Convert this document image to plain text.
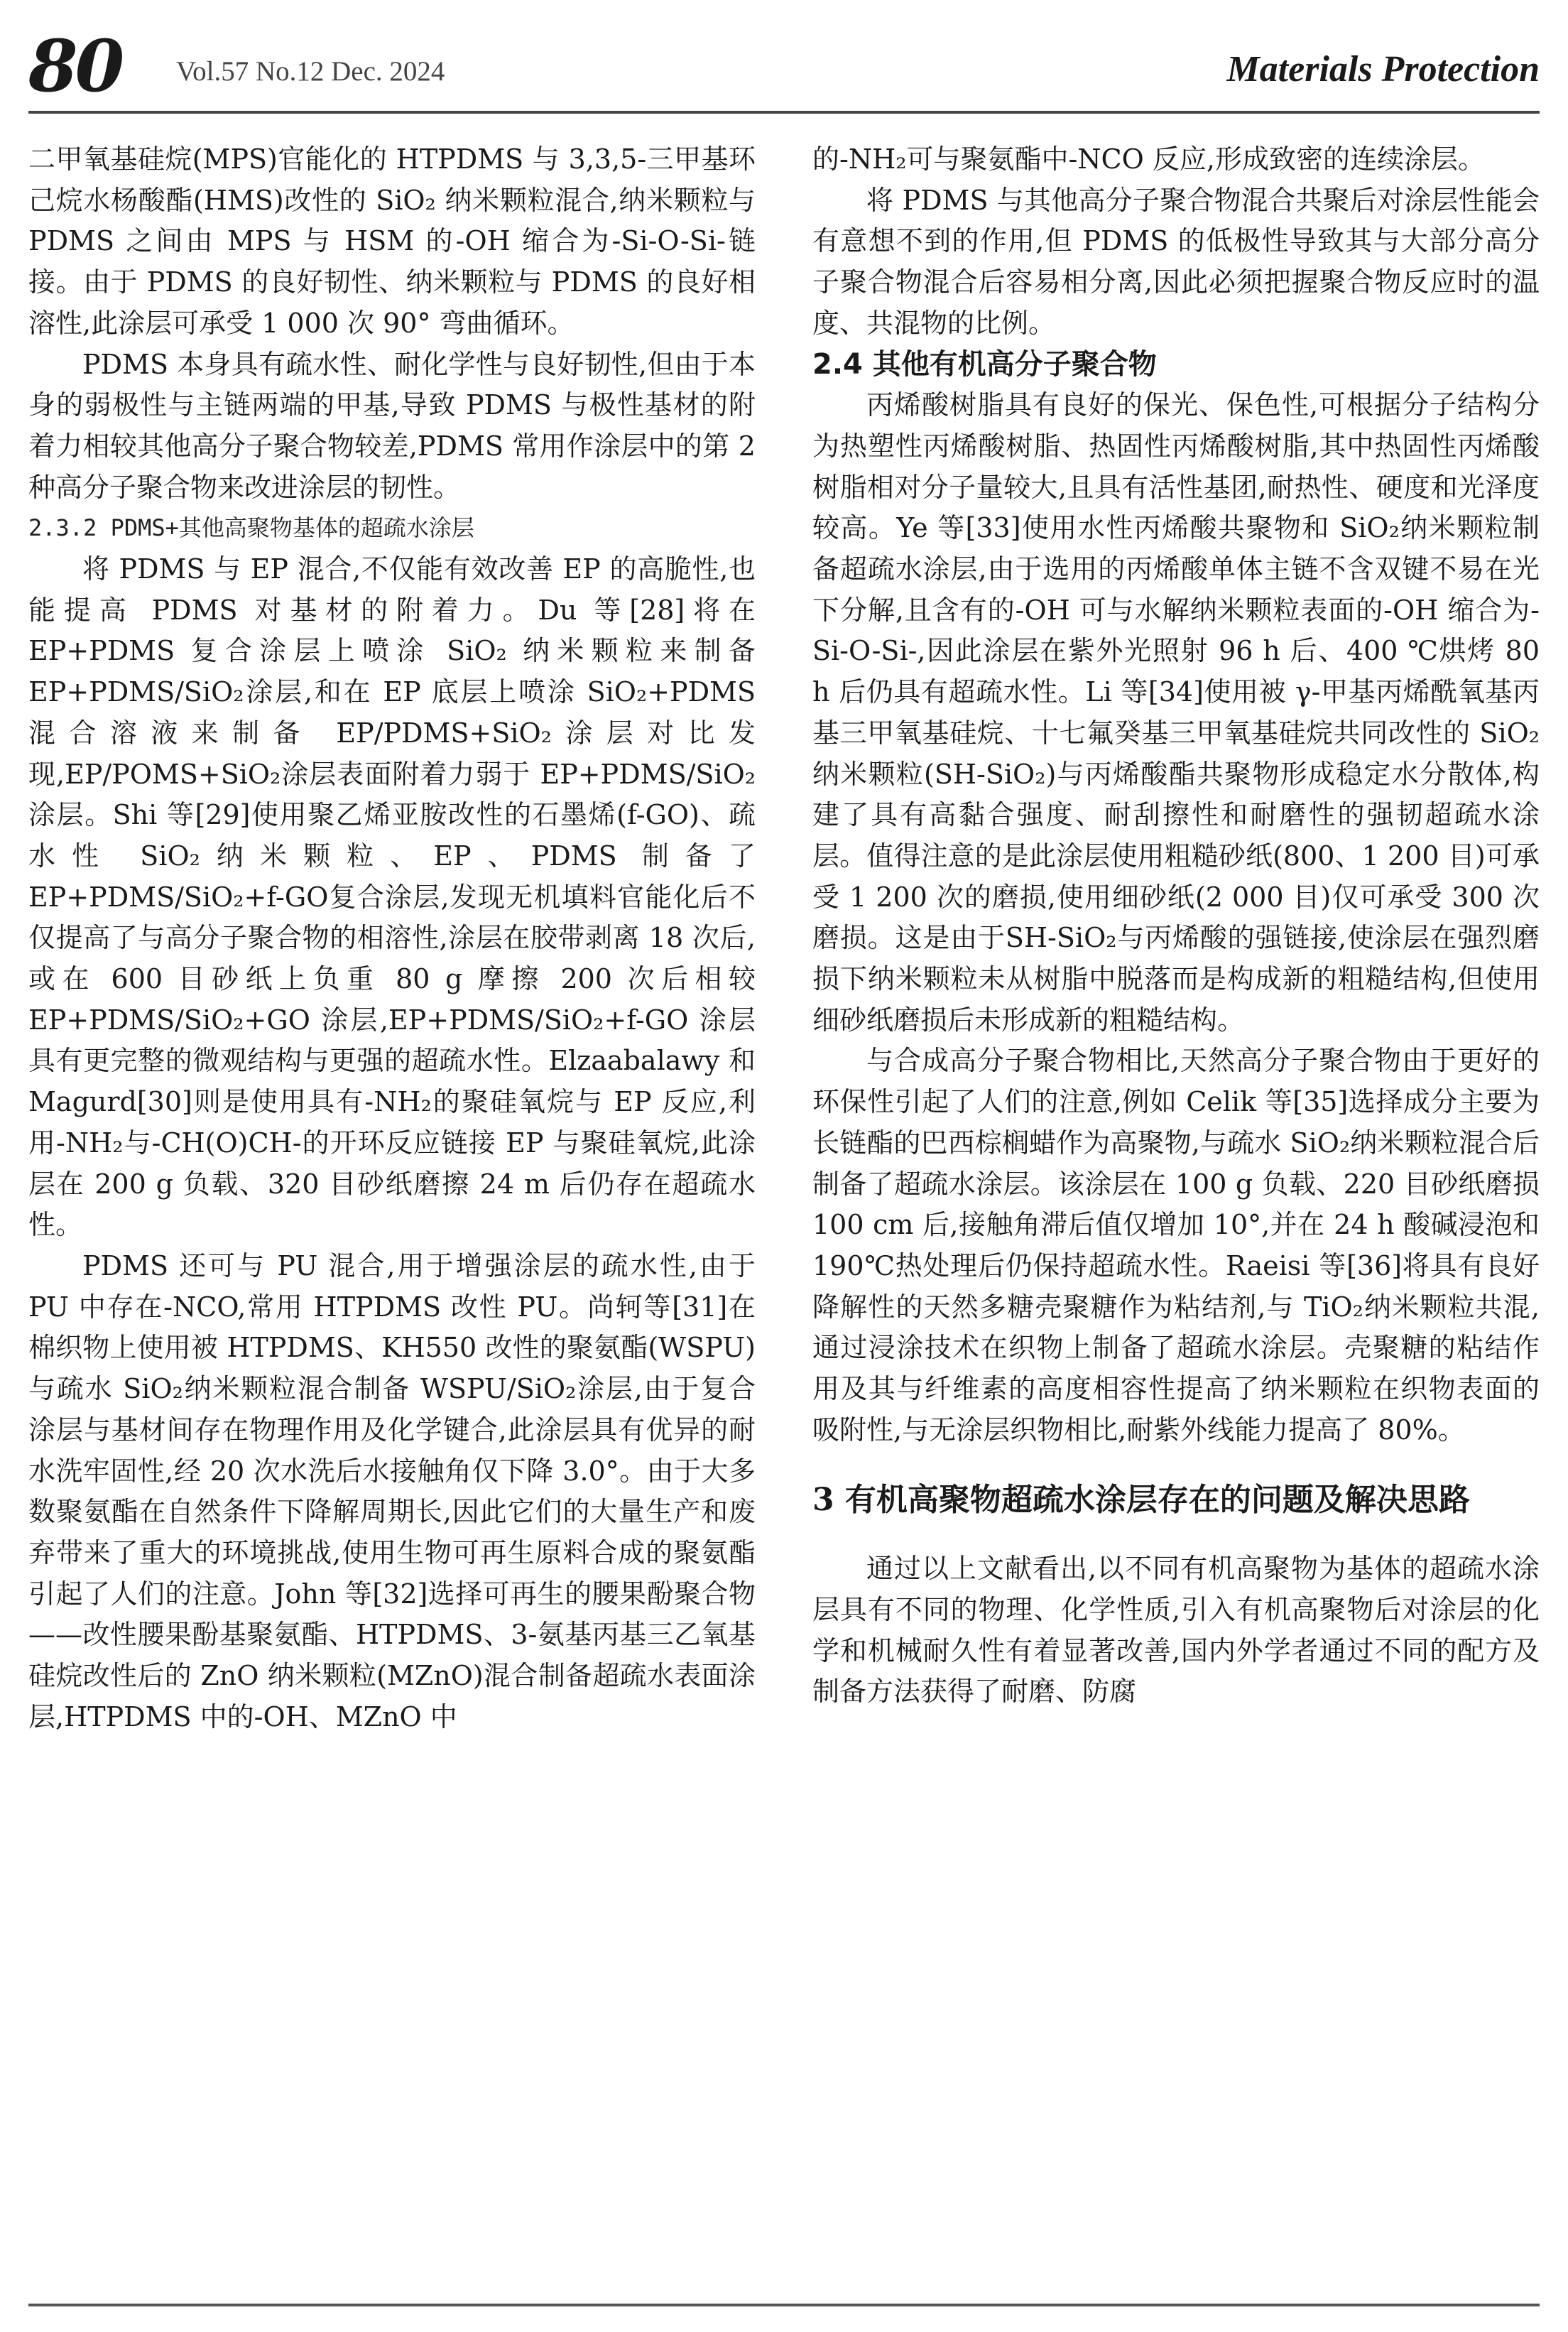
80 Vol.57 No.12 Dec. 2024	Materials Protection

二甲氧基硅烷(MPS)官能化的 HTPDMS 与 3,3,5-三甲基环己烷水杨酸酯(HMS)改性的 SiO₂ 纳米颗粒混合,纳米颗粒与 PDMS 之间由 MPS 与 HSM 的-OH 缩合为-Si-O-Si-链接。由于 PDMS 的良好韧性、纳米颗粒与 PDMS 的良好相溶性,此涂层可承受 1 000 次 90° 弯曲循环。

PDMS 本身具有疏水性、耐化学性与良好韧性,但由于本身的弱极性与主链两端的甲基,导致 PDMS 与极性基材的附着力相较其他高分子聚合物较差,PDMS 常用作涂层中的第 2 种高分子聚合物来改进涂层的韧性。

2.3.2 PDMS+其他高聚物基体的超疏水涂层

将 PDMS 与 EP 混合,不仅能有效改善 EP 的高脆性,也能提高 PDMS 对基材的附着力。Du 等[28]将在 EP+PDMS 复合涂层上喷涂 SiO₂ 纳米颗粒来制备 EP+PDMS/SiO₂涂层,和在 EP 底层上喷涂 SiO₂+PDMS 混合溶液来制备 EP/PDMS+SiO₂涂层对比发现,EP/POMS+SiO₂涂层表面附着力弱于 EP+PDMS/SiO₂涂层。Shi 等[29]使用聚乙烯亚胺改性的石墨烯(f-GO)、疏水性 SiO₂纳米颗粒、EP、PDMS 制备了 EP+PDMS/SiO₂+f-GO复合涂层,发现无机填料官能化后不仅提高了与高分子聚合物的相溶性,涂层在胶带剥离 18 次后,或在 600 目砂纸上负重 80 g 摩擦 200 次后相较 EP+PDMS/SiO₂+GO 涂层,EP+PDMS/SiO₂+f-GO 涂层具有更完整的微观结构与更强的超疏水性。Elzaabalawy 和 Magurd[30]则是使用具有-NH₂的聚硅氧烷与 EP 反应,利用-NH₂与-CH(O)CH-的开环反应链接 EP 与聚硅氧烷,此涂层在 200 g 负载、320 目砂纸磨擦 24 m 后仍存在超疏水性。

PDMS 还可与 PU 混合,用于增强涂层的疏水性,由于 PU 中存在-NCO,常用 HTPDMS 改性 PU。尚轲等[31]在棉织物上使用被 HTPDMS、KH550 改性的聚氨酯(WSPU)与疏水 SiO₂纳米颗粒混合制备 WSPU/SiO₂涂层,由于复合涂层与基材间存在物理作用及化学键合,此涂层具有优异的耐水洗牢固性,经 20 次水洗后水接触角仅下降 3.0°。由于大多数聚氨酯在自然条件下降解周期长,因此它们的大量生产和废弃带来了重大的环境挑战,使用生物可再生原料合成的聚氨酯引起了人们的注意。John 等[32]选择可再生的腰果酚聚合物——改性腰果酚基聚氨酯、HTPDMS、3-氨基丙基三乙氧基硅烷改性后的 ZnO 纳米颗粒(MZnO)混合制备超疏水表面涂层,HTPDMS 中的-OH、MZnO 中

的-NH₂可与聚氨酯中-NCO 反应,形成致密的连续涂层。

将 PDMS 与其他高分子聚合物混合共聚后对涂层性能会有意想不到的作用,但 PDMS 的低极性导致其与大部分高分子聚合物混合后容易相分离,因此必须把握聚合物反应时的温度、共混物的比例。

2.4 其他有机高分子聚合物

丙烯酸树脂具有良好的保光、保色性,可根据分子结构分为热塑性丙烯酸树脂、热固性丙烯酸树脂,其中热固性丙烯酸树脂相对分子量较大,且具有活性基团,耐热性、硬度和光泽度较高。Ye 等[33]使用水性丙烯酸共聚物和 SiO₂纳米颗粒制备超疏水涂层,由于选用的丙烯酸单体主链不含双键不易在光下分解,且含有的-OH 可与水解纳米颗粒表面的-OH 缩合为-Si-O-Si-,因此涂层在紫外光照射 96 h 后、400 ℃烘烤 80 h 后仍具有超疏水性。Li 等[34]使用被 γ-甲基丙烯酰氧基丙基三甲氧基硅烷、十七氟癸基三甲氧基硅烷共同改性的 SiO₂纳米颗粒(SH-SiO₂)与丙烯酸酯共聚物形成稳定水分散体,构建了具有高黏合强度、耐刮擦性和耐磨性的强韧超疏水涂层。值得注意的是此涂层使用粗糙砂纸(800、1 200 目)可承受 1 200 次的磨损,使用细砂纸(2 000 目)仅可承受 300 次磨损。这是由于SH-SiO₂与丙烯酸的强链接,使涂层在强烈磨损下纳米颗粒未从树脂中脱落而是构成新的粗糙结构,但使用细砂纸磨损后未形成新的粗糙结构。

与合成高分子聚合物相比,天然高分子聚合物由于更好的环保性引起了人们的注意,例如 Celik 等[35]选择成分主要为长链酯的巴西棕榈蜡作为高聚物,与疏水 SiO₂纳米颗粒混合后制备了超疏水涂层。该涂层在 100 g 负载、220 目砂纸磨损 100 cm 后,接触角滞后值仅增加 10°,并在 24 h 酸碱浸泡和 190℃热处理后仍保持超疏水性。Raeisi 等[36]将具有良好降解性的天然多糖壳聚糖作为粘结剂,与 TiO₂纳米颗粒共混,通过浸涂技术在织物上制备了超疏水涂层。壳聚糖的粘结作用及其与纤维素的高度相容性提高了纳米颗粒在织物表面的吸附性,与无涂层织物相比,耐紫外线能力提高了 80%。

3 有机高聚物超疏水涂层存在的问题及解决思路

通过以上文献看出,以不同有机高聚物为基体的超疏水涂层具有不同的物理、化学性质,引入有机高聚物后对涂层的化学和机械耐久性有着显著改善,国内外学者通过不同的配方及制备方法获得了耐磨、防腐
